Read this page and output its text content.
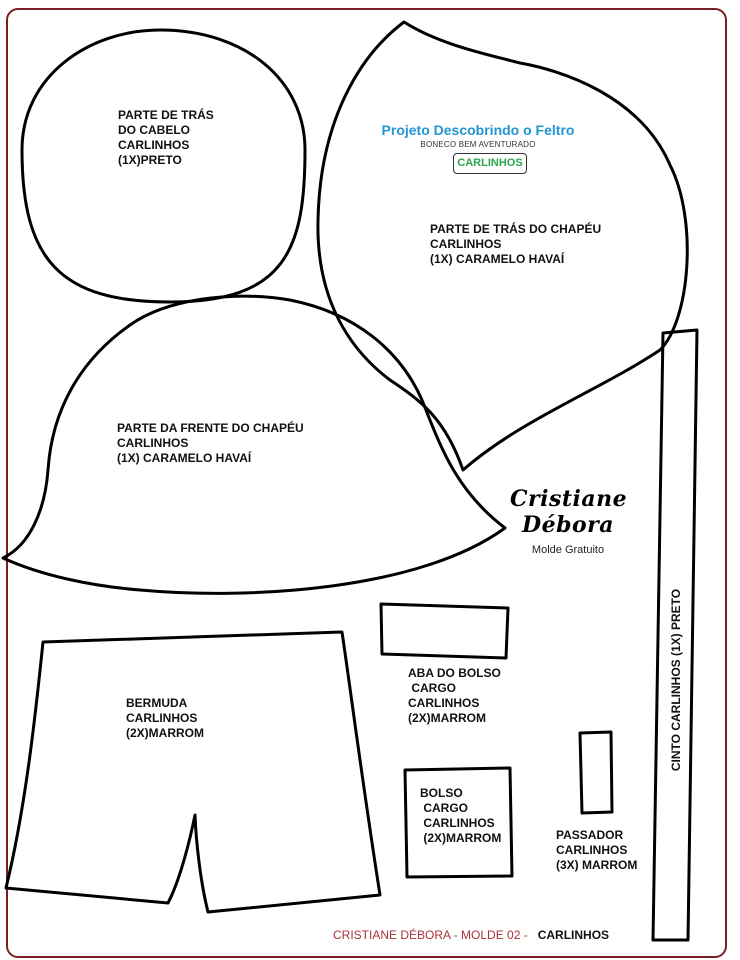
PARTE DE TRÁS
DO CABELO
CARLINHOS
(1X)PRETO
PARTE DE TRÁS DO CHAPÉU
CARLINHOS
(1X) CARAMELO HAVAÍ
PARTE DA FRENTE DO CHAPÉU
CARLINHOS
(1X) CARAMELO HAVAÍ
BERMUDA
CARLINHOS
(2X)MARROM
ABA DO BOLSO
CARGO
CARLINHOS
(2X)MARROM
BOLSO
CARGO
CARLINHOS
(2X)MARROM	PASSADOR
CARLINHOS
(3X) MARROM
CINTO CARLINHOS (1X) PRETO
Projeto Descobrindo o Feltro
BONECO BEM AVENTURADO
CARLINHOS
Cristiane
Débora
Molde Gratuito
CRISTIANE DÉBORA - MOLDE 02 - CARLINHOS
